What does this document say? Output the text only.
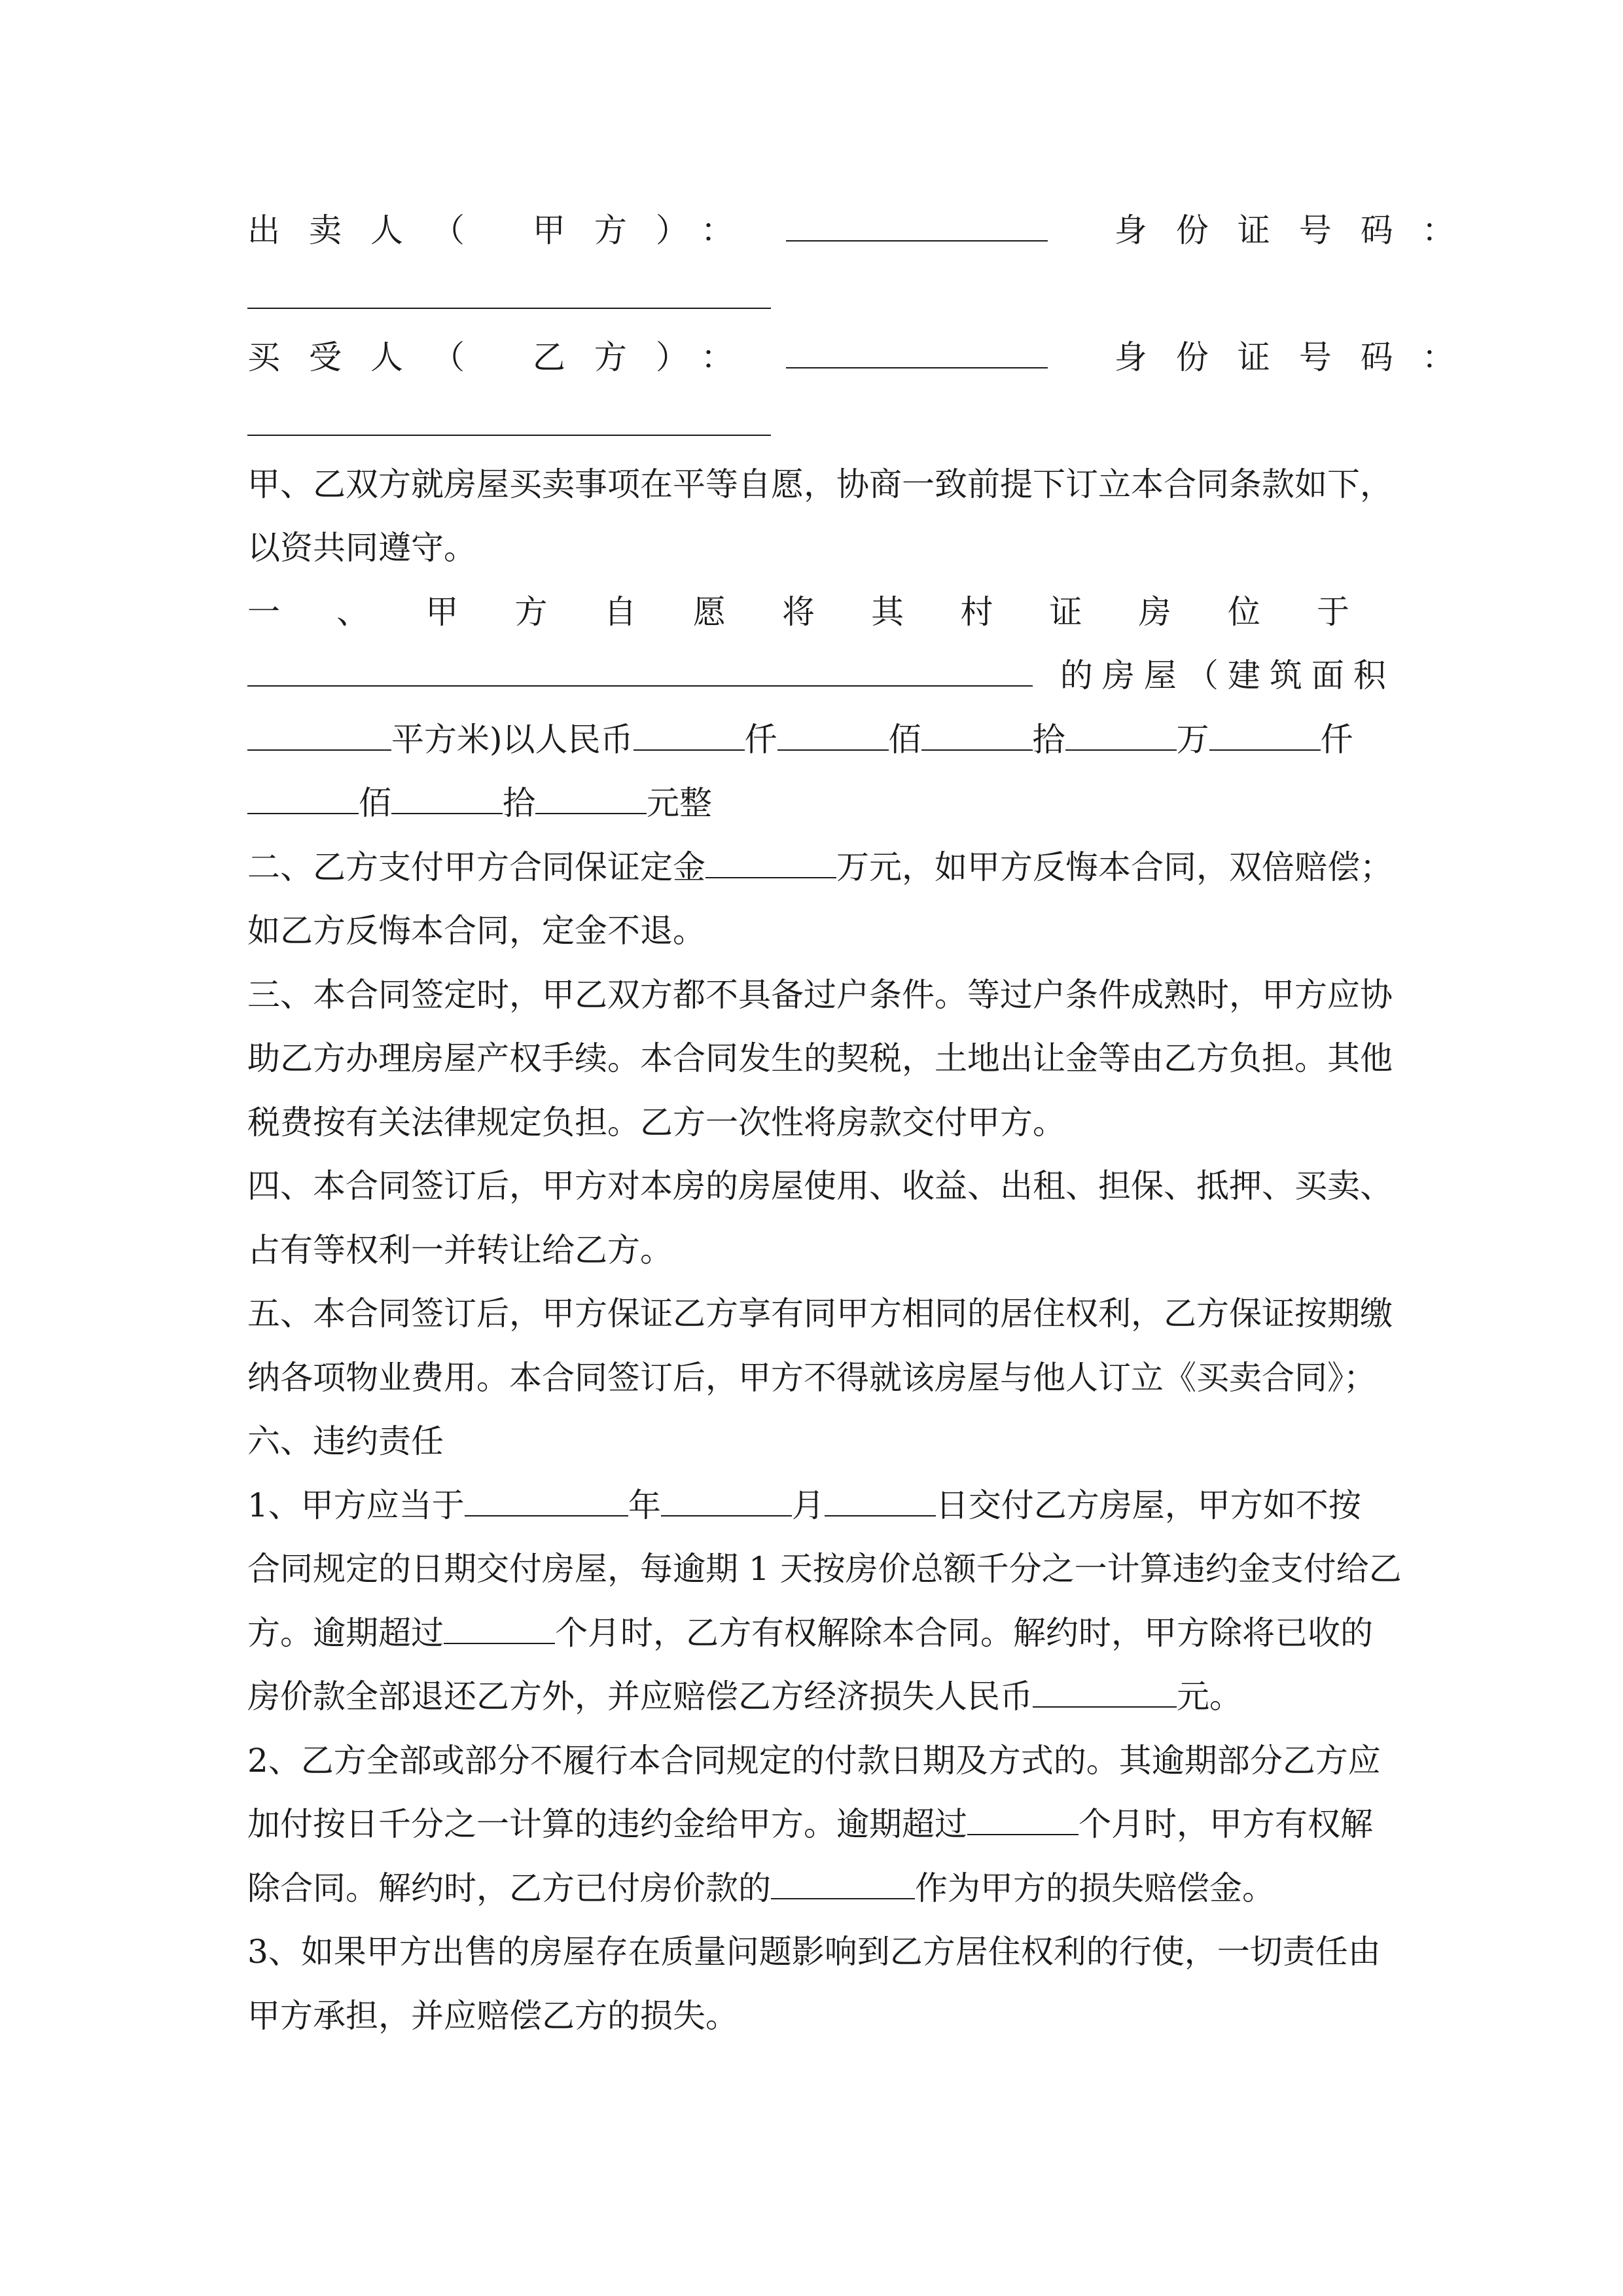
出卖人（ 甲方）：	身份证号码：
买受人（ 乙方）：	身份证号码：
甲、乙双方就房屋买卖事项在平等自愿，协商一致前提下订立本合同条款如下，
以资共同遵守。
一、甲方自愿将其村证房位于
的房屋（建筑面积
平方米)以人民币	仟	佰	拾	万	仟
佰	拾	元整
二、乙方支付甲方合同保证定金	万元，如甲方反悔本合同，双倍赔偿；
如乙方反悔本合同，定金不退。
三、本合同签定时，甲乙双方都不具备过户条件。等过户条件成熟时，甲方应协
助乙方办理房屋产权手续。本合同发生的契税，土地出让金等由乙方负担。其他
税费按有关法律规定负担。乙方一次性将房款交付甲方。
四、本合同签订后，甲方对本房的房屋使用、收益、出租、担保、抵押、买卖、
占有等权利一并转让给乙方。
五、本合同签订后，甲方保证乙方享有同甲方相同的居住权利，乙方保证按期缴
纳各项物业费用。本合同签订后，甲方不得就该房屋与他人订立《买卖合同》；
六、违约责任
1、甲方应当于	年	月	日交付乙方房屋，甲方如不按
合同规定的日期交付房屋，每逾期 1 天按房价总额千分之一计算违约金支付给乙
方。逾期超过	个月时，乙方有权解除本合同。解约时，甲方除将已收的
房价款全部退还乙方外，并应赔偿乙方经济损失人民币	元。
2、乙方全部或部分不履行本合同规定的付款日期及方式的。其逾期部分乙方应
加付按日千分之一计算的违约金给甲方。逾期超过	个月时，甲方有权解
除合同。解约时，乙方已付房价款的	作为甲方的损失赔偿金。
3、如果甲方出售的房屋存在质量问题影响到乙方居住权利的行使，一切责任由
甲方承担，并应赔偿乙方的损失。
